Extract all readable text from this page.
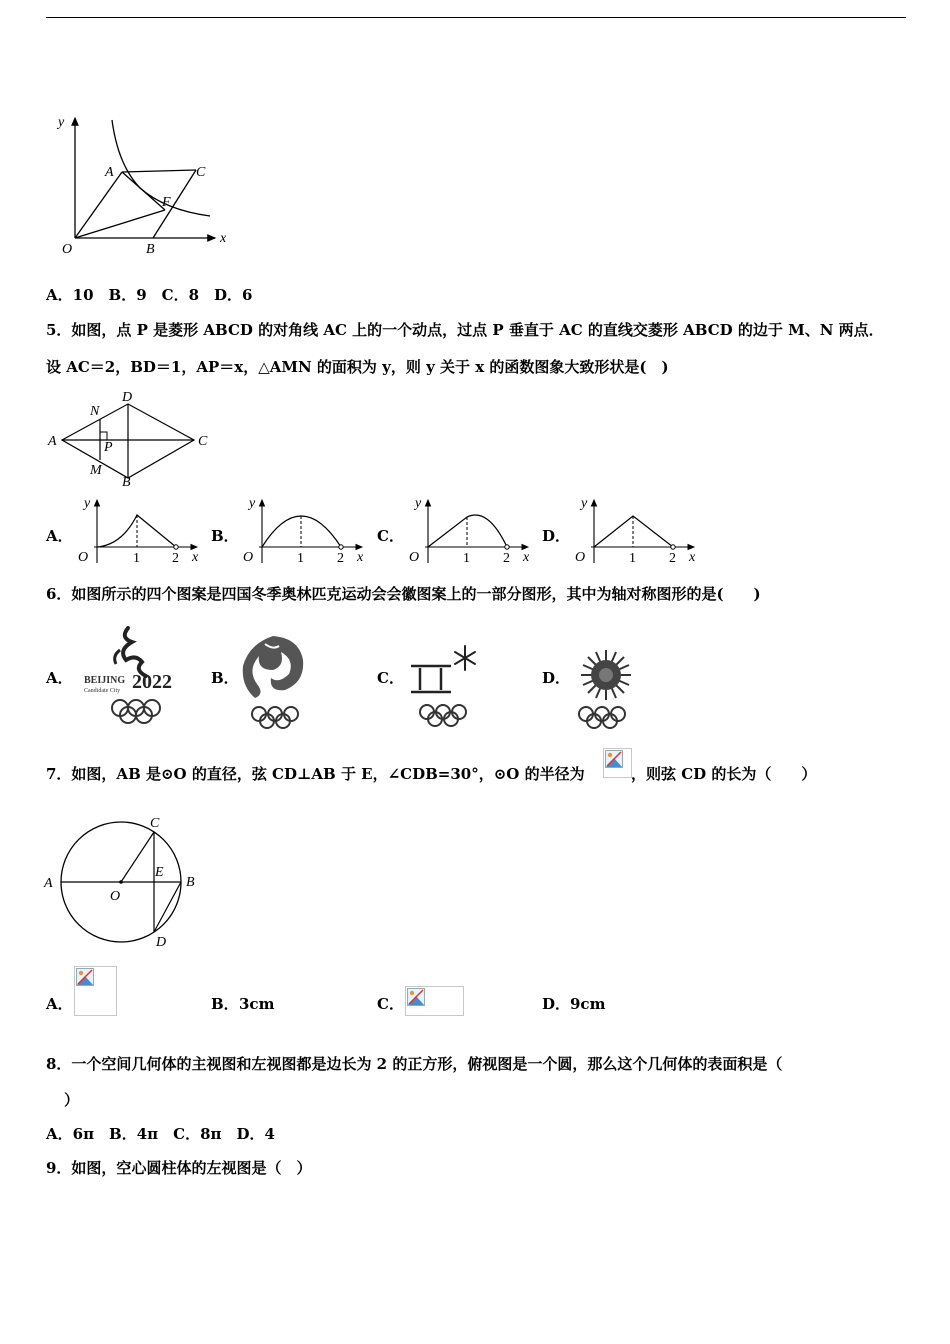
y
x
O
A
B
C
F
A．10　B．9　C．8　D．6
5．如图，点 P 是菱形 ABCD 的对角线 AC 上的一个动点，过点 P 垂直于 AC 的直线交菱形 ABCD 的边于 M、N 两点．
设 AC＝2，BD＝1，AP＝x，△AMN 的面积为 y，则 y 关于 x 的函数图象大致形状是(　)
A
B
C
D
N
M
P
A．	B．	C．	D．
y
x
O	1 2
y
x
O	1 2
y
x
O	1 2
y
x
O	1 2
6．如图所示的四个图案是四国冬季奥林匹克运动会会徽图案上的一部分图形，其中为轴对称图形的是(　　)
A．	B．	C．	D．
BEIJING
Candidate City 2022
7．如图，AB 是⊙O 的直径，弦 CD⊥AB 于 E，∠CDB=30°，⊙O 的半径为	，则弦 CD 的长为（　　）
A	B
C
D
E
O
A．	B． 3cm	C．	D． 9cm
8．一个空间几何体的主视图和左视图都是边长为 2 的正方形，俯视图是一个圆，那么这个几何体的表面积是（
）
A．6π　B．4π　C．8π　D．4
9．如图，空心圆柱体的左视图是（　）
